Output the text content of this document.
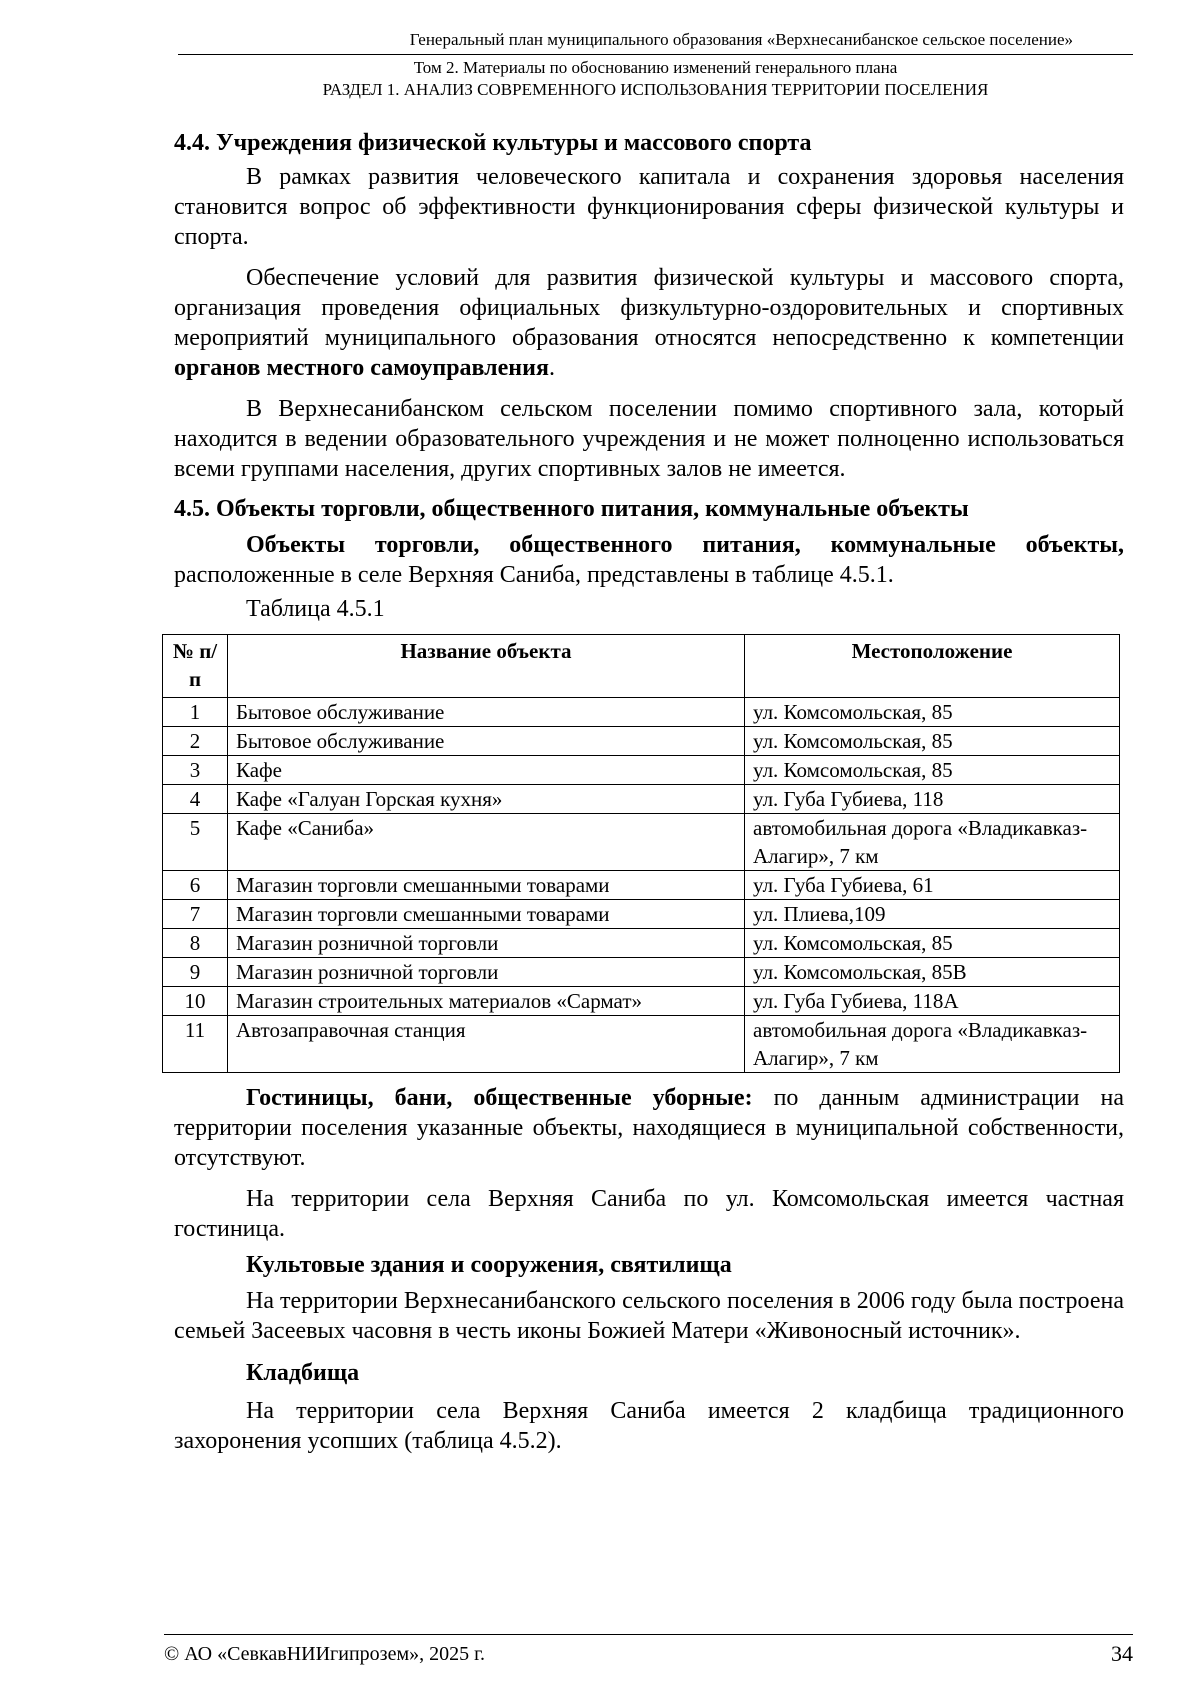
Генеральный план муниципального образования «Верхнесанибанское сельское поселение»
Том 2. Материалы по обоснованию изменений генерального плана
РАЗДЕЛ 1. АНАЛИЗ СОВРЕМЕННОГО ИСПОЛЬЗОВАНИЯ ТЕРРИТОРИИ ПОСЕЛЕНИЯ

4.4. Учреждения физической культуры и массового спорта

В рамках развития человеческого капитала и сохранения здоровья населения становится вопрос об эффективности функционирования сферы физической культуры и спорта.

Обеспечение условий для развития физической культуры и массового спорта, организация проведения официальных физкультурно-оздоровительных и спортивных мероприятий муниципального образования относятся непосредственно к компетенции органов местного самоуправления.

В Верхнесанибанском сельском поселении помимо спортивного зала, который находится в ведении образовательного учреждения и не может полноценно использоваться всеми группами населения, других спортивных залов не имеется.

4.5. Объекты торговли, общественного питания, коммунальные объекты

Объекты торговли, общественного питания, коммунальные объекты, расположенные в селе Верхняя Саниба, представлены в таблице 4.5.1.

Таблица 4.5.1

№ п/п	Название объекта	Местоположение
1	Бытовое обслуживание	ул. Комсомольская, 85
2	Бытовое обслуживание	ул. Комсомольская, 85
3	Кафе	ул. Комсомольская, 85
4	Кафе «Галуан Горская кухня»	ул. Губа Губиева, 118
5	Кафе «Саниба»	автомобильная дорога «Владикавказ-Алагир», 7 км
6	Магазин торговли смешанными товарами	ул. Губа Губиева, 61
7	Магазин торговли смешанными товарами	ул. Плиева,109
8	Магазин розничной торговли	ул. Комсомольская, 85
9	Магазин розничной торговли	ул. Комсомольская, 85В
10	Магазин строительных материалов «Сармат»	ул. Губа Губиева, 118А
11	Автозаправочная станция	автомобильная дорога «Владикавказ-Алагир», 7 км

Гостиницы, бани, общественные уборные: по данным администрации на территории поселения указанные объекты, находящиеся в муниципальной собственности, отсутствуют.

На территории села Верхняя Саниба по ул. Комсомольская имеется частная гостиница.

Культовые здания и сооружения, святилища

На территории Верхнесанибанского сельского поселения в 2006 году была построена семьей Засеевых часовня в честь иконы Божией Матери «Живоносный источник».

Кладбища

На территории села Верхняя Саниба имеется 2 кладбища традиционного захоронения усопших (таблица 4.5.2).

© АО «СевкавНИИгипрозем», 2025 г.	34
